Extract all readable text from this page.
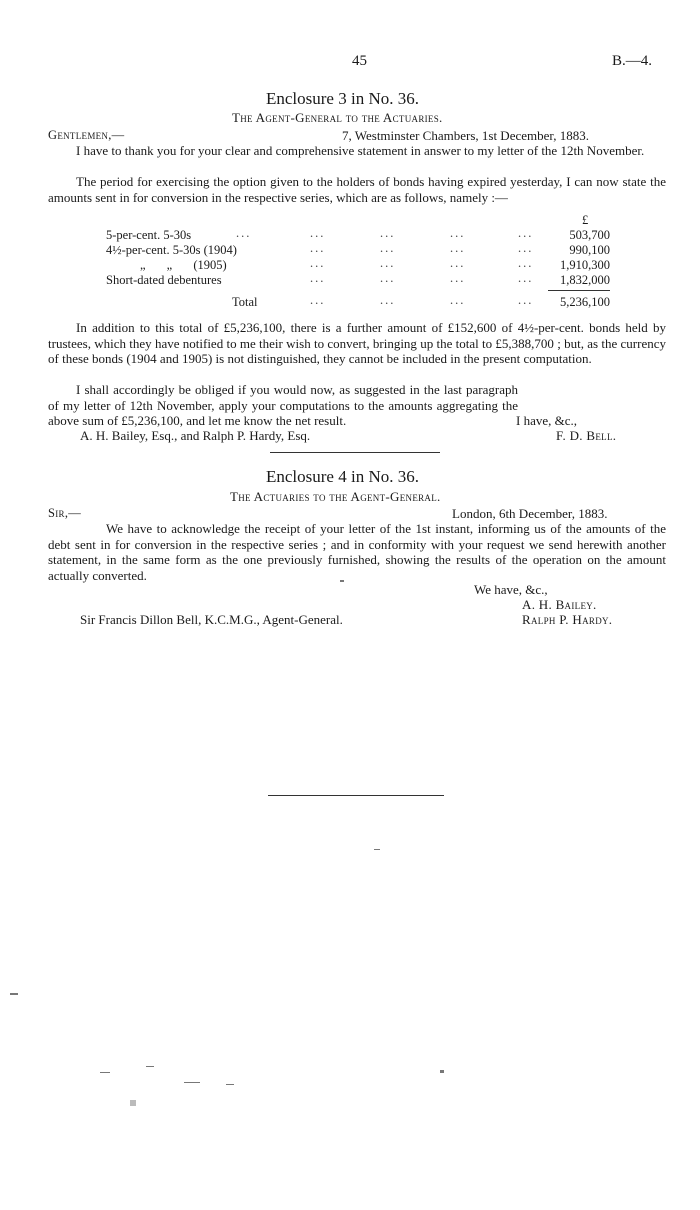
45	B.—4.
Enclosure 3 in No. 36.
The Agent-General to the Actuaries.
Gentlemen,—	7, Westminster Chambers, 1st December, 1883.
I have to thank you for your clear and comprehensive statement in answer to my letter of the 12th November.
The period for exercising the option given to the holders of bonds having expired yesterday, I can now state the amounts sent in for conversion in the respective series, which are as follows, namely :—
£
5-per-cent. 5-30s	...	...	...	...	...	503,700
4½-per-cent. 5-30s (1904)	...	...	...	...	990,100
„ „ (1905)	...	...	...	...	1,910,300
Short-dated debentures	...	...	...	...	1,832,000
Total	...	...	...	...	5,236,100
In addition to this total of £5,236,100, there is a further amount of £152,600 of 4½-per-cent. bonds held by trustees, which they have notified to me their wish to convert, bringing up the total to £5,388,700 ; but, as the currency of these bonds (1904 and 1905) is not distinguished, they cannot be included in the present computation.
I shall accordingly be obliged if you would now, as suggested in the last paragraph of my letter of 12th November, apply your computations to the amounts aggregating the above sum of £5,236,100, and let me know the net result.	I have, &c.,
A. H. Bailey, Esq., and Ralph P. Hardy, Esq.	F. D. Bell.
Enclosure 4 in No. 36.
The Actuaries to the Agent-General.
Sir,—	London, 6th December, 1883.
We have to acknowledge the receipt of your letter of the 1st instant, informing us of the amounts of the debt sent in for conversion in the respective series ; and in conformity with your request we send herewith another statement, in the same form as the one previously furnished, showing the results of the operation on the amount actually converted.
We have, &c.,
A. H. Bailey.
Sir Francis Dillon Bell, K.C.M.G., Agent-General.	Ralph P. Hardy.
